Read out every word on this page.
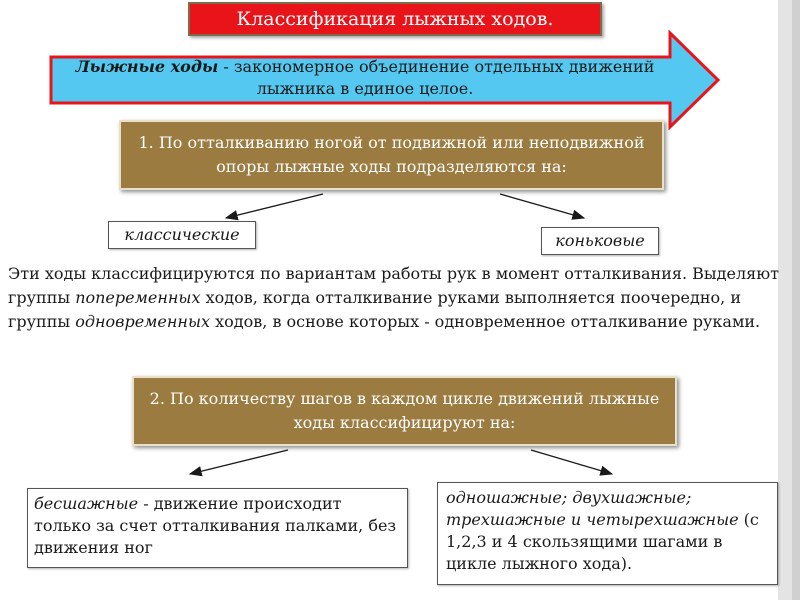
Классификация лыжных ходов.
Лыжные ходы - закономерное объединение отдельных движений лыжника в единое целое.
1. По отталкиванию ногой от подвижной или неподвижной опоры лыжные ходы подразделяются на:
классические	коньковые
Эти ходы классифицируются по вариантам работы рук в момент отталкивания. Выделяют группы попеременных ходов, когда отталкивание руками выполняется поочередно, и группы одновременных ходов, в основе которых - одновременное отталкивание руками.
2. По количеству шагов в каждом цикле движений лыжные ходы классифицируют на:
бесшажные - движение происходит только за счет отталкивания палками, без движения ног
одношажные; двухшажные; трехшажные и четырехшажные (с 1,2,3 и 4 скользящими шагами в цикле лыжного хода).
